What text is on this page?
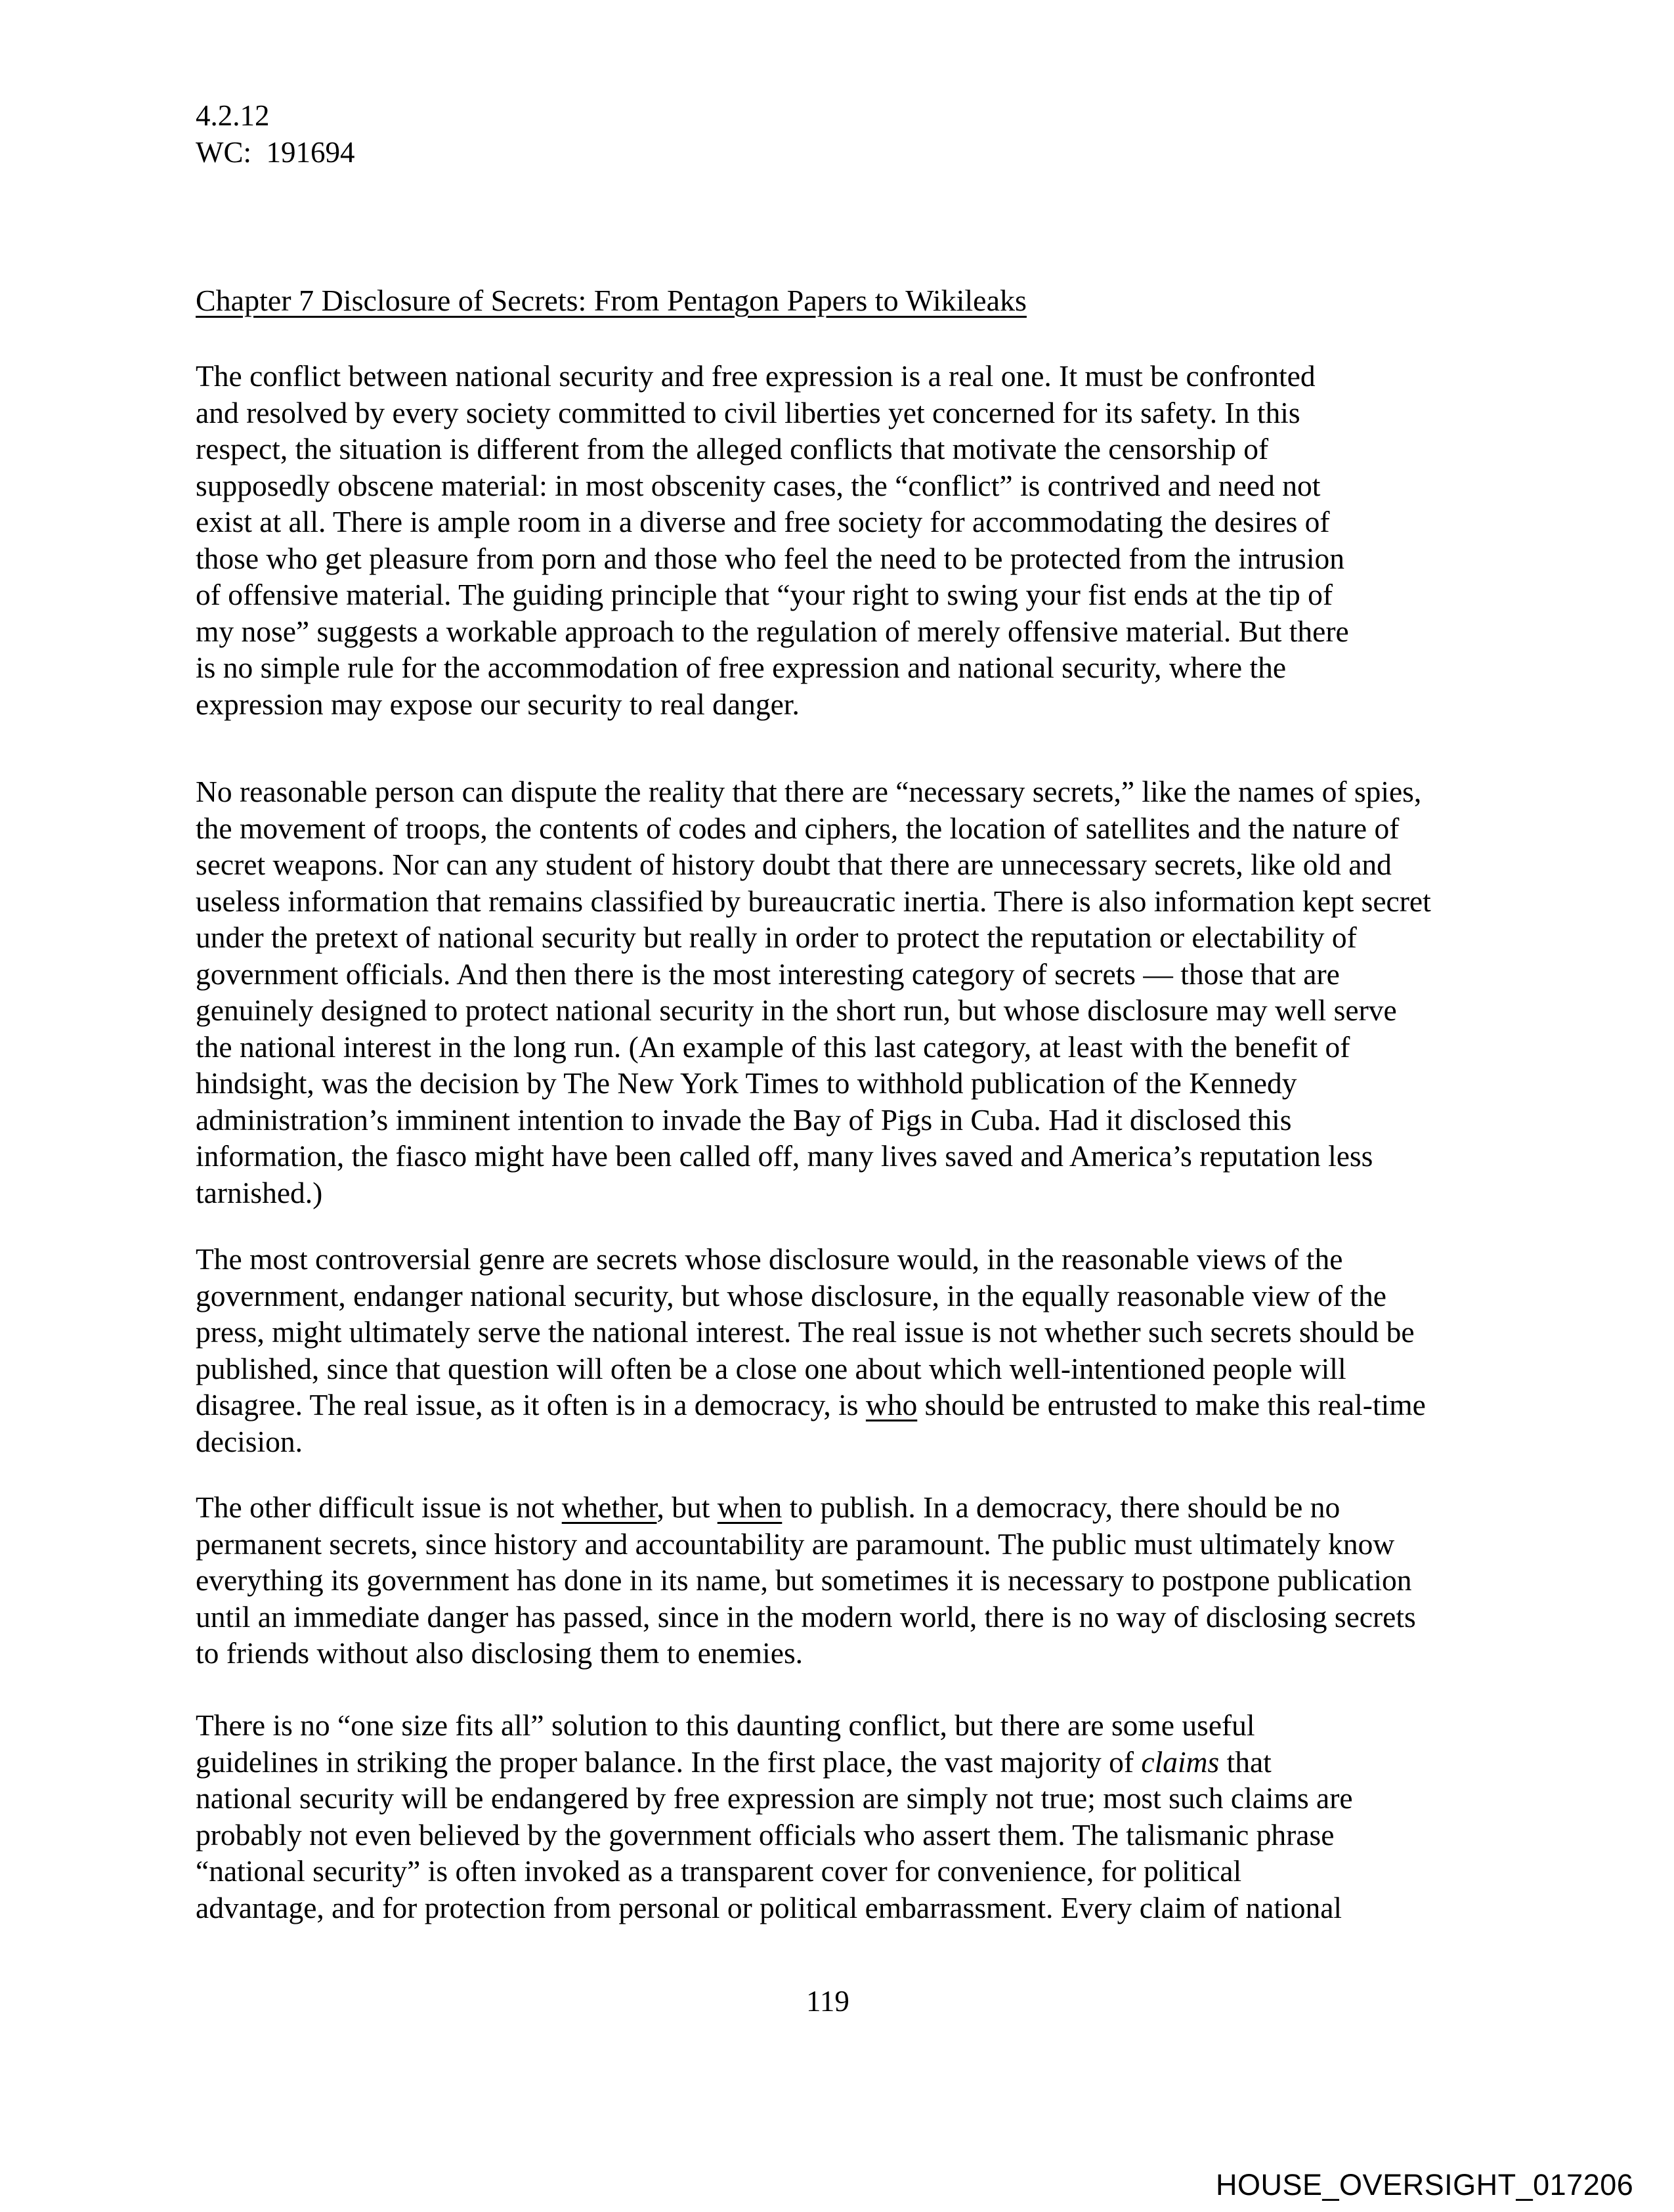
4.2.12
WC: 191694
Chapter 7 Disclosure of Secrets: From Pentagon Papers to Wikileaks
The conflict between national security and free expression is a real one. It must be confronted
and resolved by every society committed to civil liberties yet concerned for its safety. In this
respect, the situation is different from the alleged conflicts that motivate the censorship of
supposedly obscene material: in most obscenity cases, the “conflict” is contrived and need not
exist at all. There is ample room in a diverse and free society for accommodating the desires of
those who get pleasure from porn and those who feel the need to be protected from the intrusion
of offensive material. The guiding principle that “your right to swing your fist ends at the tip of
my nose” suggests a workable approach to the regulation of merely offensive material. But there
is no simple rule for the accommodation of free expression and national security, where the
expression may expose our security to real danger.
No reasonable person can dispute the reality that there are “necessary secrets,” like the names of spies,
the movement of troops, the contents of codes and ciphers, the location of satellites and the nature of
secret weapons. Nor can any student of history doubt that there are unnecessary secrets, like old and
useless information that remains classified by bureaucratic inertia. There is also information kept secret
under the pretext of national security but really in order to protect the reputation or electability of
government officials. And then there is the most interesting category of secrets — those that are
genuinely designed to protect national security in the short run, but whose disclosure may well serve
the national interest in the long run. (An example of this last category, at least with the benefit of
hindsight, was the decision by The New York Times to withhold publication of the Kennedy
administration’s imminent intention to invade the Bay of Pigs in Cuba. Had it disclosed this
information, the fiasco might have been called off, many lives saved and America’s reputation less
tarnished.)
The most controversial genre are secrets whose disclosure would, in the reasonable views of the
government, endanger national security, but whose disclosure, in the equally reasonable view of the
press, might ultimately serve the national interest. The real issue is not whether such secrets should be
published, since that question will often be a close one about which well-intentioned people will
disagree. The real issue, as it often is in a democracy, is who should be entrusted to make this real-time
decision.
The other difficult issue is not whether, but when to publish. In a democracy, there should be no
permanent secrets, since history and accountability are paramount. The public must ultimately know
everything its government has done in its name, but sometimes it is necessary to postpone publication
until an immediate danger has passed, since in the modern world, there is no way of disclosing secrets
to friends without also disclosing them to enemies.
There is no “one size fits all” solution to this daunting conflict, but there are some useful
guidelines in striking the proper balance. In the first place, the vast majority of claims that
national security will be endangered by free expression are simply not true; most such claims are
probably not even believed by the government officials who assert them. The talismanic phrase
“national security” is often invoked as a transparent cover for convenience, for political
advantage, and for protection from personal or political embarrassment. Every claim of national
119
HOUSE_OVERSIGHT_017206
